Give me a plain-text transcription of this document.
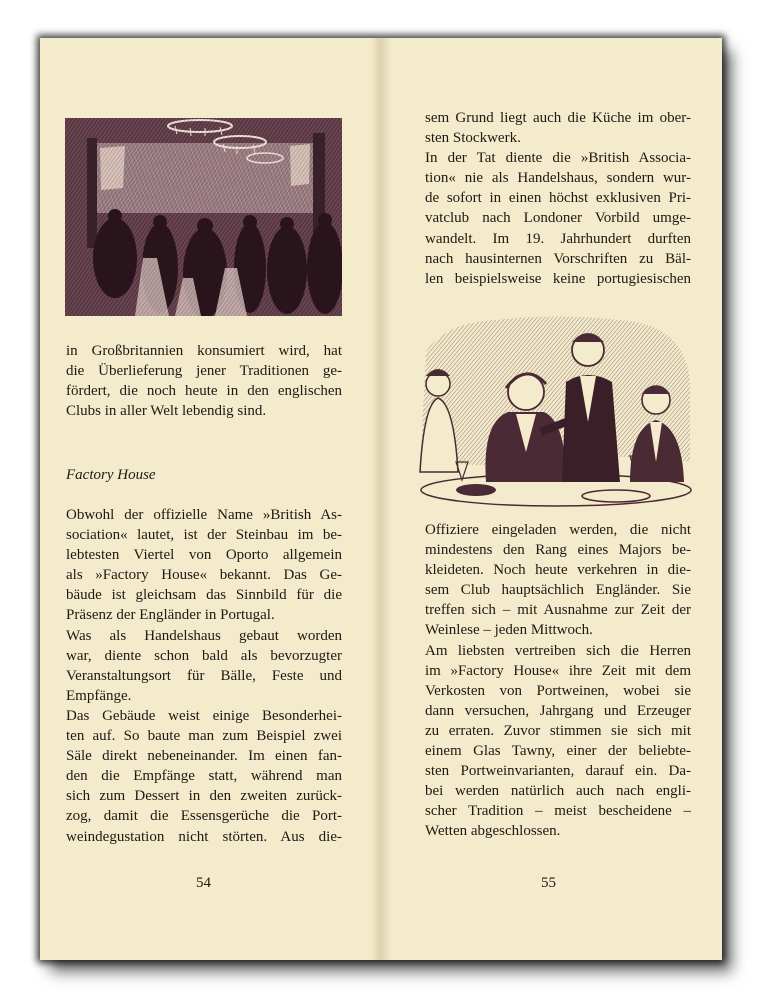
in Großbritannien konsumiert wird, hat
die Überlieferung jener Traditionen ge-
fördert, die noch heute in den englischen
Clubs in aller Welt lebendig sind.
Factory House
Obwohl der offizielle Name »British As-
sociation« lautet, ist der Steinbau im be-
lebtesten Viertel von Oporto allgemein
als »Factory House« bekannt. Das Ge-
bäude ist gleichsam das Sinnbild für die
Präsenz der Engländer in Portugal.
Was als Handelshaus gebaut worden
war, diente schon bald als bevorzugter
Veranstaltungsort für Bälle, Feste und
Empfänge.
Das Gebäude weist einige Besonderhei-
ten auf. So baute man zum Beispiel zwei
Säle direkt nebeneinander. Im einen fan-
den die Empfänge statt, während man
sich zum Dessert in den zweiten zurück-
zog, damit die Essensgerüche die Port-
weindegustation nicht störten. Aus die-
54
sem Grund liegt auch die Küche im ober-
sten Stockwerk.
In der Tat diente die »British Associa-
tion« nie als Handelshaus, sondern wur-
de sofort in einen höchst exklusiven Pri-
vatclub nach Londoner Vorbild umge-
wandelt. Im 19. Jahrhundert durften
nach hausinternen Vorschriften zu Bäl-
len beispielsweise keine portugiesischen
Offiziere eingeladen werden, die nicht
mindestens den Rang eines Majors be-
kleideten. Noch heute verkehren in die-
sem Club hauptsächlich Engländer. Sie
treffen sich – mit Ausnahme zur Zeit der
Weinlese – jeden Mittwoch.
Am liebsten vertreiben sich die Herren
im »Factory House« ihre Zeit mit dem
Verkosten von Portweinen, wobei sie
dann versuchen, Jahrgang und Erzeuger
zu erraten. Zuvor stimmen sie sich mit
einem Glas Tawny, einer der beliebte-
sten Portweinvarianten, darauf ein. Da-
bei werden natürlich auch nach engli-
scher Tradition – meist bescheidene –
Wetten abgeschlossen.
55
